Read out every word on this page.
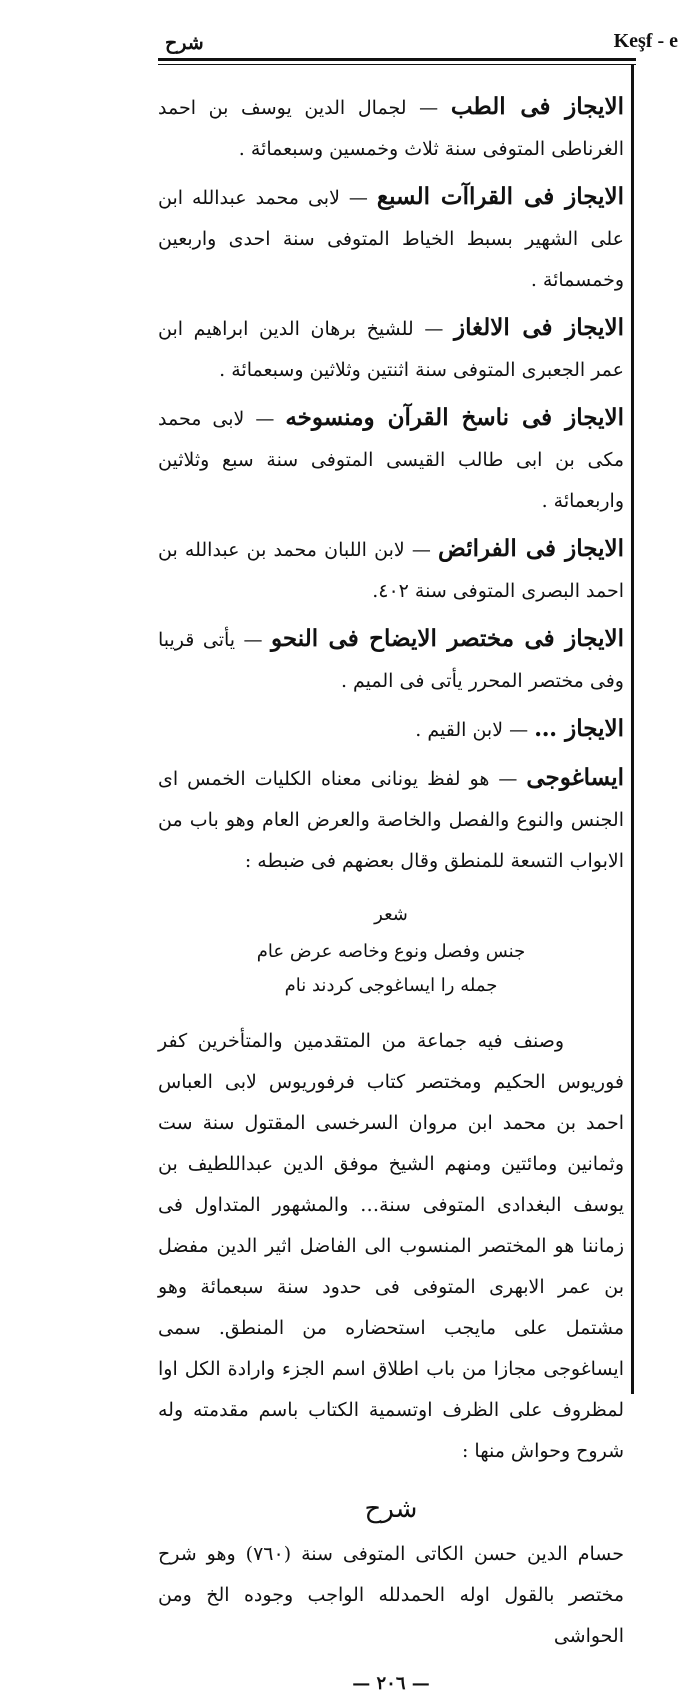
شرح	Keşf - e

الايجاز فى الطب — لجمال الدين يوسف بن احمد الغرناطى المتوفى سنة ثلاث وخمسين وسبعمائة .

الايجاز فى القراآت السبع — لابى محمد عبدالله ابن على الشهير بسبط الخياط المتوفى سنة احدى واربعين وخمسمائة .

الايجاز فى الالغاز — للشيخ برهان الدين ابراهيم ابن عمر الجعبرى المتوفى سنة اثنتين وثلاثين وسبعمائة .

الايجاز فى ناسخ القرآن ومنسوخه — لابى محمد مكى بن ابى طالب القيسى المتوفى سنة سبع وثلاثين واربعمائة .

الايجاز فى الفرائض — لابن اللبان محمد بن عبدالله بن احمد البصرى المتوفى سنة ٤٠٢.

الايجاز فى مختصر الايضاح فى النحو — يأتى قريبا وفى مختصر المحرر يأتى فى الميم .

الايجاز … — لابن القيم .

ايساغوجى — هو لفظ يونانى معناه الكليات الخمس اى الجنس والنوع والفصل والخاصة والعرض العام وهو باب من الابواب التسعة للمنطق وقال بعضهم فى ضبطه :

شعر
جنس وفصل ونوع وخاصه عرض عام
جمله را ايساغوجى كردند نام

وصنف فيه جماعة من المتقدمين والمتأخرين كفر فوريوس الحكيم ومختصر كتاب فرفوريوس لابى العباس احمد بن محمد ابن مروان السرخسى المقتول سنة ست وثمانين ومائتين ومنهم الشيخ موفق الدين عبداللطيف بن يوسف البغدادى المتوفى سنة… والمشهور المتداول فى زماننا هو المختصر المنسوب الى الفاضل اثير الدين مفضل بن عمر الابهرى المتوفى فى حدود سنة سبعمائة وهو مشتمل على مايجب استحضاره من المنطق. سمى ايساغوجى مجازا من باب اطلاق اسم الجزء وارادة الكل اوا لمظروف على الظرف اوتسمية الكتاب باسم مقدمته وله شروح وحواش منها :

شرح

حسام الدين حسن الكاتى المتوفى سنة (٧٦٠) وهو شرح مختصر بالقول اوله الحمدلله الواجب وجوده الخ ومن الحواشى

— ٢٠٦ —
